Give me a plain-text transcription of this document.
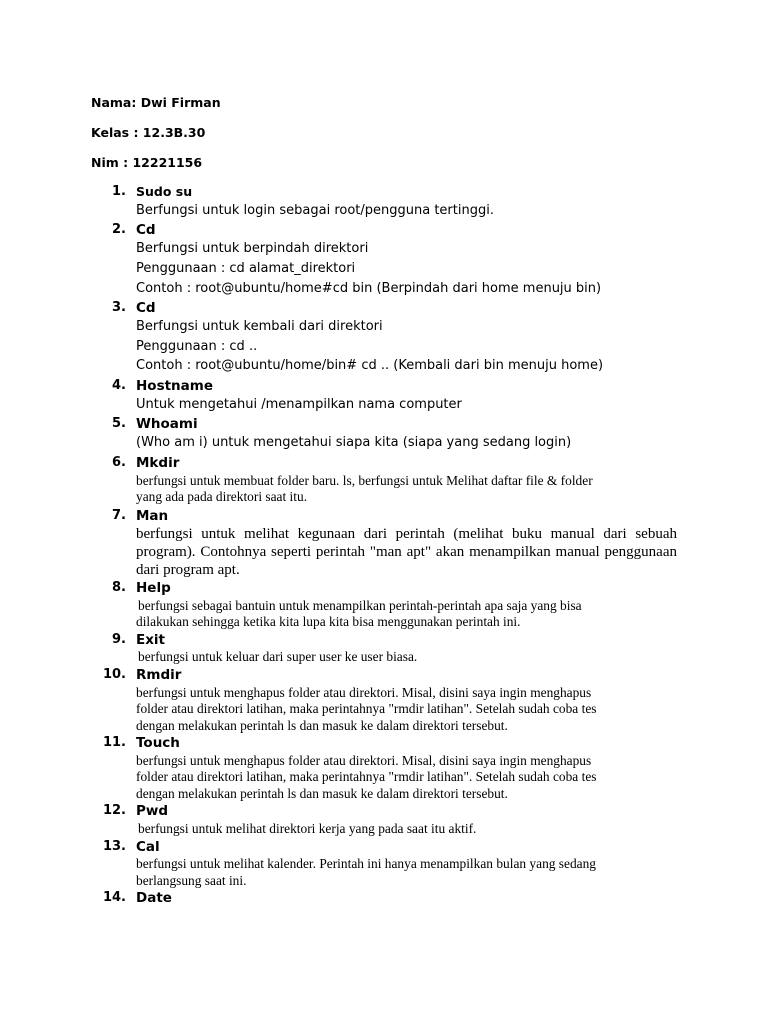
Nama: Dwi Firman
Kelas : 12.3B.30
Nim : 12221156
1. Sudo su
Berfungsi untuk login sebagai root/pengguna tertinggi.
2. Cd
Berfungsi untuk berpindah direktori
Penggunaan : cd alamat_direktori
Contoh : root@ubuntu/home#cd bin (Berpindah dari home menuju bin)
3. Cd
Berfungsi untuk kembali dari direktori
Penggunaan : cd ..
Contoh : root@ubuntu/home/bin# cd .. (Kembali dari bin menuju home)
4. Hostname
Untuk mengetahui /menampilkan nama computer
5. Whoami
(Who am i) untuk mengetahui siapa kita (siapa yang sedang login)
6. Mkdir
berfungsi untuk membuat folder baru. ls, berfungsi untuk Melihat daftar file & folder
yang ada pada direktori saat itu.
7. Man
berfungsi untuk melihat kegunaan dari perintah (melihat buku manual dari sebuah program). Contohnya seperti perintah "man apt" akan menampilkan manual penggunaan dari program apt.
8. Help
berfungsi sebagai bantuin untuk menampilkan perintah-perintah apa saja yang bisa
dilakukan sehingga ketika kita lupa kita bisa menggunakan perintah ini.
9. Exit
berfungsi untuk keluar dari super user ke user biasa.
10. Rmdir
berfungsi untuk menghapus folder atau direktori. Misal, disini saya ingin menghapus
folder atau direktori latihan, maka perintahnya "rmdir latihan". Setelah sudah coba tes
dengan melakukan perintah ls dan masuk ke dalam direktori tersebut.
11. Touch
berfungsi untuk menghapus folder atau direktori. Misal, disini saya ingin menghapus
folder atau direktori latihan, maka perintahnya "rmdir latihan". Setelah sudah coba tes
dengan melakukan perintah ls dan masuk ke dalam direktori tersebut.
12. Pwd
berfungsi untuk melihat direktori kerja yang pada saat itu aktif.
13. Cal
berfungsi untuk melihat kalender. Perintah ini hanya menampilkan bulan yang sedang
berlangsung saat ini.
14. Date
